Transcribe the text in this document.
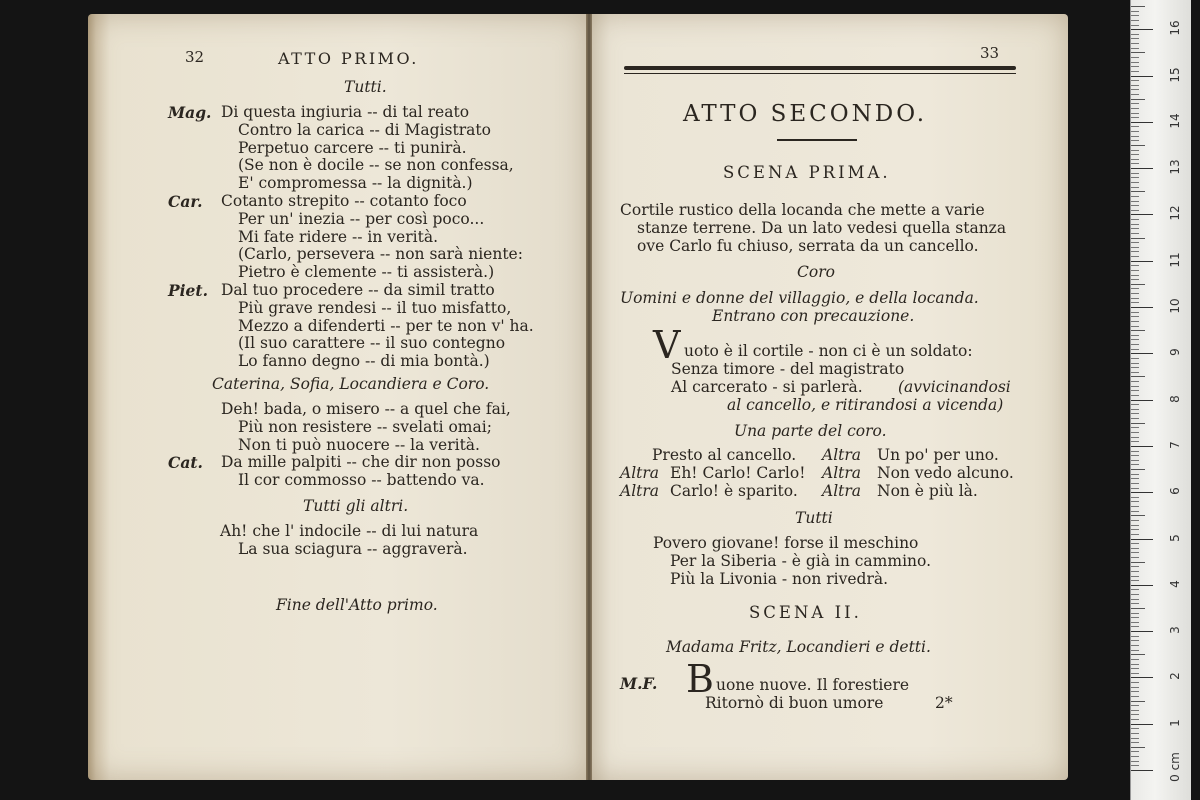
32	ATTO PRIMO.
Tutti.
Mag. Di questa ingiuria -- di tal reato
Contro la carica -- di Magistrato
Perpetuo carcere -- ti punirà.
(Se non è docile -- se non confessa,
E' compromessa -- la dignità.)
Car. Cotanto strepito -- cotanto foco
Per un' inezia -- per così poco...
Mi fate ridere -- in verità.
(Carlo, persevera -- non sarà niente:
Pietro è clemente -- ti assisterà.)
Piet. Dal tuo procedere -- da simil tratto
Più grave rendesi -- il tuo misfatto,
Mezzo a difenderti -- per te non v' ha.
(Il suo carattere -- il suo contegno
Lo fanno degno -- di mia bontà.)
Caterina, Sofia, Locandiera e Coro.
Deh! bada, o misero -- a quel che fai,
Più non resistere -- svelati omai;
Non ti può nuocere -- la verità.
Cat. Da mille palpiti -- che dir non posso
Il cor commosso -- battendo va.
Tutti gli altri.
Ah! che l' indocile -- di lui natura
La sua sciagura -- aggraverà.
Fine dell'Atto primo.
33
ATTO SECONDO.
SCENA PRIMA.
Cortile rustico della locanda che mette a varie
stanze terrene. Da un lato vedesi quella stanza
ove Carlo fu chiuso, serrata da un cancello.
Coro
Uomini e donne del villaggio, e della locanda.
Entrano con precauzione.
V uoto è il cortile - non ci è un soldato:
Senza timore - del magistrato
Al carcerato - si parlerà. (avvicinandosi
al cancello, e ritirandosi a vicenda)
Una parte del coro.
Presto al cancello. Altra Un po' per uno.
Altra Eh! Carlo! Carlo! Altra Non vedo alcuno.
Altra Carlo! è sparito. Altra Non è più là.
Tutti
Povero giovane! forse il meschino
Per la Siberia - è già in cammino.
Più la Livonia - non rivedrà.
SCENA II.
Madama Fritz, Locandieri e detti.
M.F. B uone nuove. Il forestiere
Ritornò di buon umore	2*
0 cm
1
2
3
4
5
6
7
8
9
10
11
12
13
14
15
16
